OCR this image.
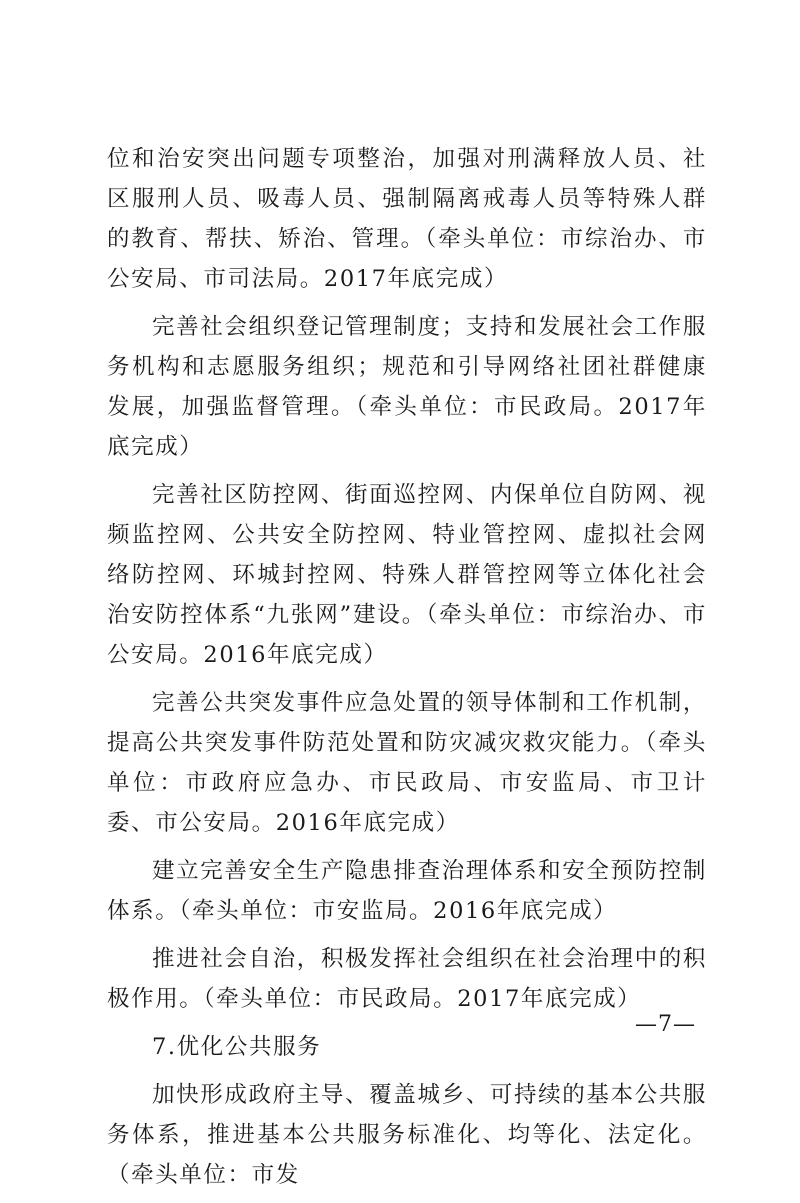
位和治安突出问题专项整治，加强对刑满释放人员、社区服刑人员、吸毒人员、强制隔离戒毒人员等特殊人群的教育、帮扶、矫治、管理。（牵头单位：市综治办、市公安局、市司法局。2017年底完成）

完善社会组织登记管理制度；支持和发展社会工作服务机构和志愿服务组织；规范和引导网络社团社群健康发展，加强监督管理。（牵头单位：市民政局。2017年底完成）

完善社区防控网、街面巡控网、内保单位自防网、视频监控网、公共安全防控网、特业管控网、虚拟社会网络防控网、环城封控网、特殊人群管控网等立体化社会治安防控体系“九张网”建设。（牵头单位：市综治办、市公安局。2016年底完成）

完善公共突发事件应急处置的领导体制和工作机制，提高公共突发事件防范处置和防灾减灾救灾能力。（牵头单位：市政府应急办、市民政局、市安监局、市卫计委、市公安局。2016年底完成）

建立完善安全生产隐患排查治理体系和安全预防控制体系。（牵头单位：市安监局。2016年底完成）

推进社会自治，积极发挥社会组织在社会治理中的积极作用。（牵头单位：市民政局。2017年底完成）

7.优化公共服务

加快形成政府主导、覆盖城乡、可持续的基本公共服务体系，推进基本公共服务标准化、均等化、法定化。（牵头单位：市发

—7—
